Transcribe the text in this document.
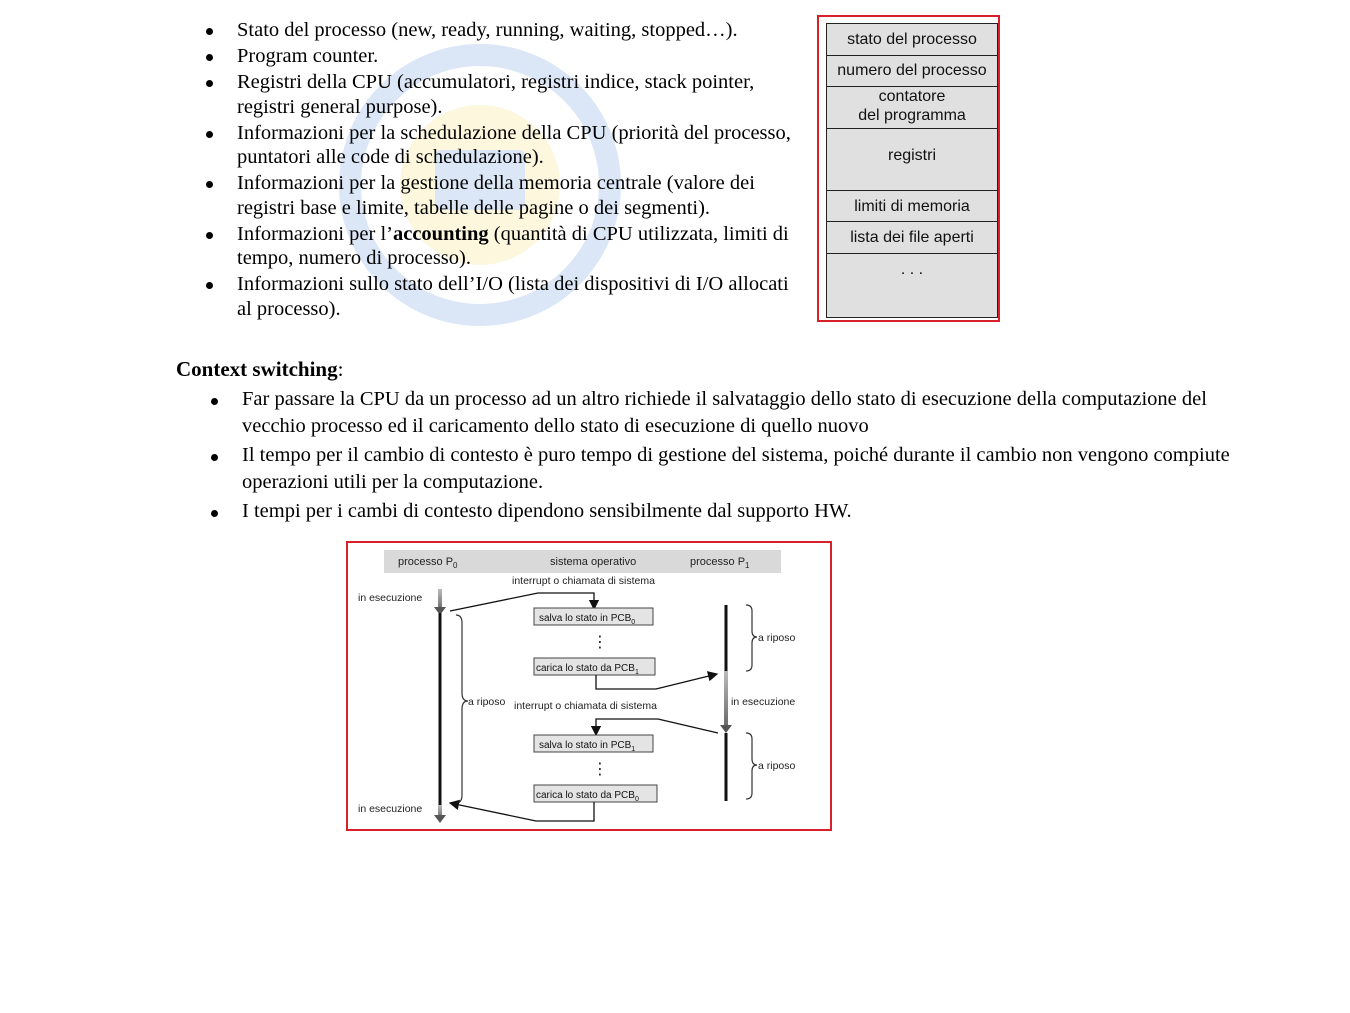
Stato del processo (new, ready, running, waiting, stopped…).
Program counter.
Registri della CPU (accumulatori, registri indice, stack pointer, registri general purpose).
Informazioni per la schedulazione della CPU (priorità del processo, puntatori alle code di schedulazione).
Informazioni per la gestione della memoria centrale (valore dei registri base e limite, tabelle delle pagine o dei segmenti).
Informazioni per l’accounting (quantità di CPU utilizzata, limiti di tempo, numero di processo).
Informazioni sullo stato dell’I/O (lista dei dispositivi di I/O allocati al processo).
stato del processo
numero del processo
contatore
del programma
registri
limiti di memoria
lista dei file aperti
. . .
Context switching:
Far passare la CPU da un processo ad un altro richiede il salvataggio dello stato di esecuzione della computazione del vecchio processo ed il caricamento dello stato di esecuzione di quello nuovo
Il tempo per il cambio di contesto è puro tempo di gestione del sistema, poiché durante il cambio non vengono compiute operazioni utili per la computazione.
I tempi per i cambi di contesto dipendono sensibilmente dal supporto HW.
processo $P_0$	sistema operativo	processo $P_1$
in esecuzione
in esecuzione
a riposo
interrupt o chiamata di sistema
interrupt o chiamata di sistema
salva lo stato in $PCB_0$
⋮
carica lo stato da $PCB_1$
in esecuzione
a riposo
a riposo
salva lo stato in $PCB_1$
⋮
carica lo stato da $PCB_0$
